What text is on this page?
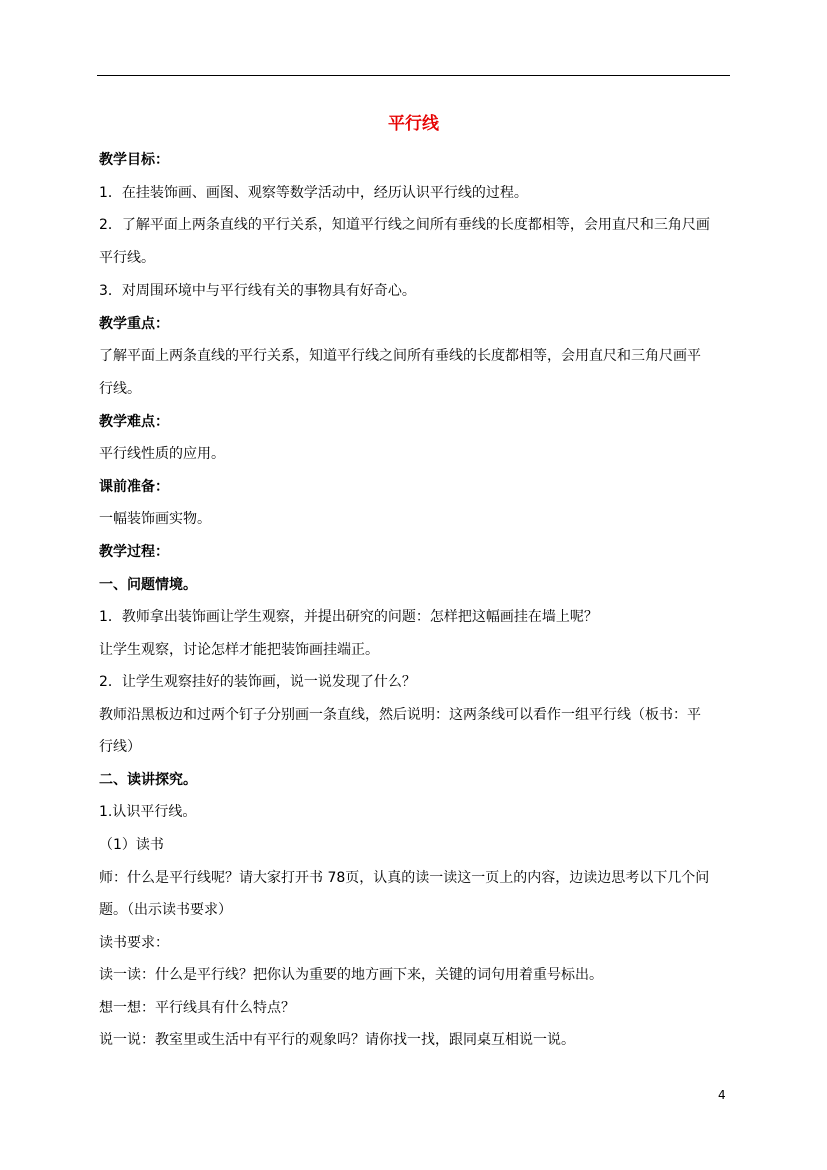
平行线
教学目标：
1．在挂装饰画、画图、观察等数学活动中，经历认识平行线的过程。
2．了解平面上两条直线的平行关系，知道平行线之间所有垂线的长度都相等，会用直尺和三角尺画
平行线。
3．对周围环境中与平行线有关的事物具有好奇心。
教学重点：
了解平面上两条直线的平行关系，知道平行线之间所有垂线的长度都相等，会用直尺和三角尺画平
行线。
教学难点：
平行线性质的应用。
课前准备：
一幅装饰画实物。
教学过程：
一、问题情境。
1．教师拿出装饰画让学生观察，并提出研究的问题：怎样把这幅画挂在墙上呢？
让学生观察，讨论怎样才能把装饰画挂端正。
2．让学生观察挂好的装饰画，说一说发现了什么？
教师沿黑板边和过两个钉子分别画一条直线，然后说明：这两条线可以看作一组平行线（板书：平
行线）
二、读讲探究。
1.认识平行线。
（1）读书
师：什么是平行线呢？请大家打开书 78页，认真的读一读这一页上的内容，边读边思考以下几个问
题。（出示读书要求）
读书要求：
读一读：什么是平行线？把你认为重要的地方画下来，关键的词句用着重号标出。
想一想：平行线具有什么特点？
说一说：教室里或生活中有平行的观象吗？请你找一找，跟同桌互相说一说。
4
